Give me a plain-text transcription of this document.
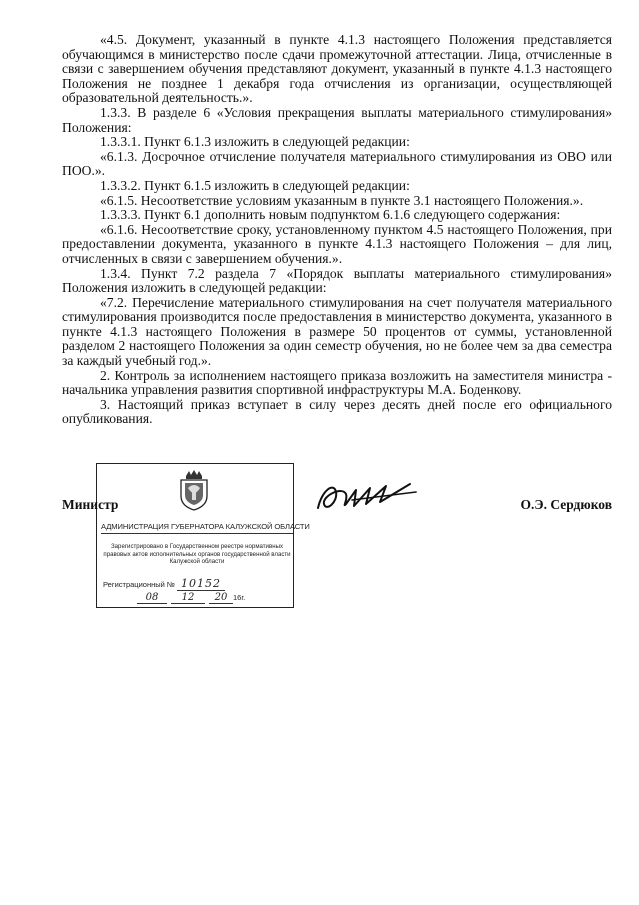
«4.5. Документ, указанный в пункте 4.1.3 настоящего Положения представляется обучающимся в министерство после сдачи промежуточной аттестации. Лица, отчисленные в связи с завершением обучения представляют документ, указанный в пункте 4.1.3 настоящего Положения не позднее 1 декабря года отчисления из организации, осуществляющей образовательной деятельность.».

1.3.3. В разделе 6 «Условия прекращения выплаты материального стимулирования» Положения:

1.3.3.1. Пункт 6.1.3 изложить в следующей редакции:

«6.1.3. Досрочное отчисление получателя материального стимулирования из ОВО или ПОО.».

1.3.3.2. Пункт 6.1.5 изложить в следующей редакции:

«6.1.5. Несоответствие условиям указанным в пункте 3.1 настоящего Положения.».

1.3.3.3. Пункт 6.1 дополнить новым подпунктом 6.1.6 следующего содержания:

«6.1.6. Несоответствие сроку, установленному пунктом 4.5 настоящего Положения, при предоставлении документа, указанного в пункте 4.1.3 настоящего Положения – для лиц, отчисленных в связи с завершением обучения.».

1.3.4. Пункт 7.2 раздела 7 «Порядок выплаты материального стимулирования» Положения изложить в следующей редакции:

«7.2. Перечисление материального стимулирования на счет получателя материального стимулирования производится после предоставления в министерство документа, указанного в пункте 4.1.3 настоящего Положения в размере 50 процентов от суммы, установленной разделом 2 настоящего Положения за один семестр обучения, но не более чем за два семестра за каждый учебный год.».

2. Контроль за исполнением настоящего приказа возложить на заместителя министра - начальника управления развития спортивной инфраструктуры М.А. Боденкову.

3. Настоящий приказ вступает в силу через десять дней после его официального опубликования.

АДМИНИСТРАЦИЯ ГУБЕРНАТОРА КАЛУЖСКОЙ ОБЛАСТИ
Зарегистрировано в Государственном реестре нормативных правовых актов исполнительных органов государственной власти Калужской области
Регистрационный № 10152
08 12 20 16г.
Министр	О.Э. Сердюков
